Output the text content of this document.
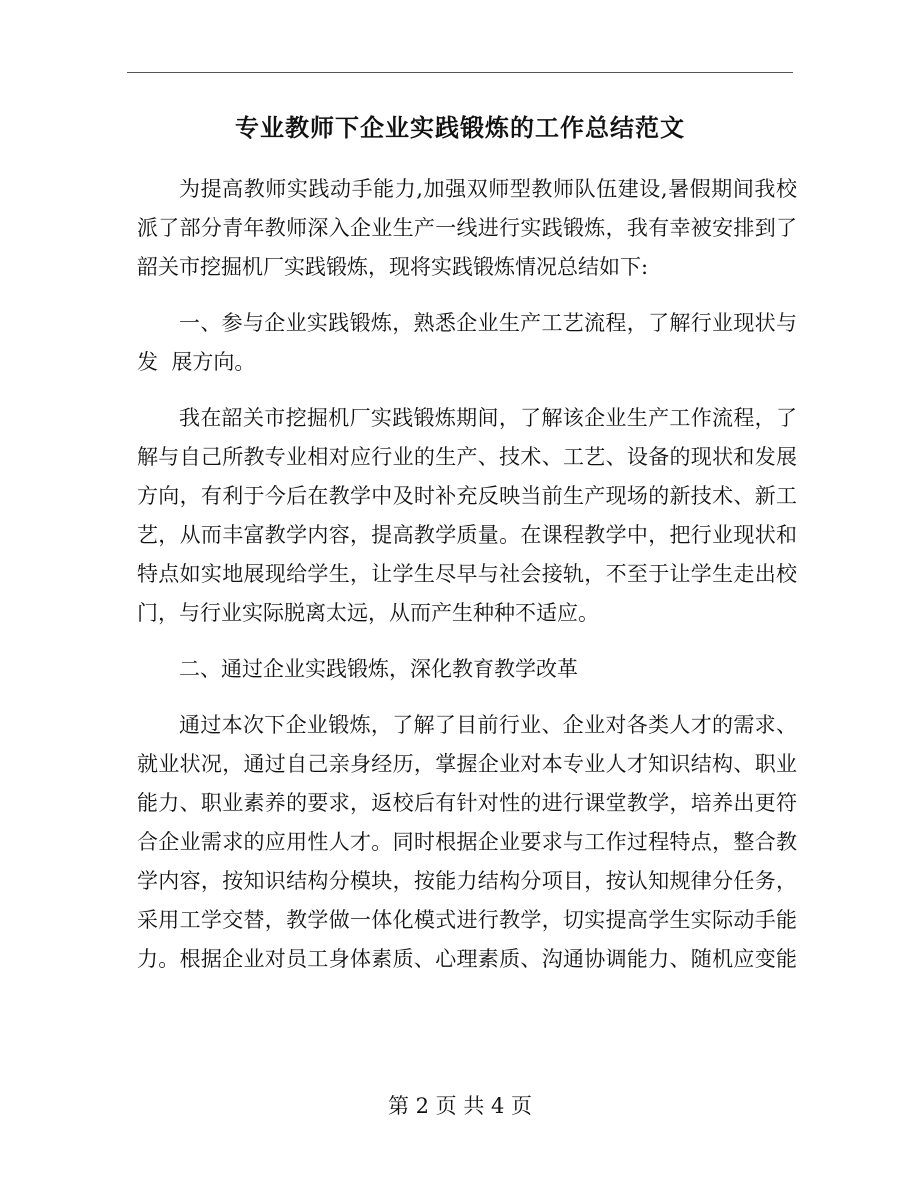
专业教师下企业实践锻炼的工作总结范文
为提高教师实践动手能力,加强双师型教师队伍建设,暑假期间我校
派了部分青年教师深入企业生产一线进行实践锻炼，我有幸被安排到了
韶关市挖掘机厂实践锻炼，现将实践锻炼情况总结如下:
一、参与企业实践锻炼，熟悉企业生产工艺流程，了解行业现状与
发  展方向。
我在韶关市挖掘机厂实践锻炼期间，了解该企业生产工作流程，了
解与自己所教专业相对应行业的生产、技术、工艺、设备的现状和发展
方向，有利于今后在教学中及时补充反映当前生产现场的新技术、新工
艺，从而丰富教学内容，提高教学质量。在课程教学中，把行业现状和
特点如实地展现给学生，让学生尽早与社会接轨，不至于让学生走出校
门，与行业实际脱离太远，从而产生种种不适应。
二、通过企业实践锻炼，深化教育教学改革
通过本次下企业锻炼，了解了目前行业、企业对各类人才的需求、
就业状况，通过自己亲身经历，掌握企业对本专业人才知识结构、职业
能力、职业素养的要求，返校后有针对性的进行课堂教学，培养出更符
合企业需求的应用性人才。同时根据企业要求与工作过程特点，整合教
学内容，按知识结构分模块，按能力结构分项目，按认知规律分任务，
采用工学交替，教学做一体化模式进行教学，切实提高学生实际动手能
力。根据企业对员工身体素质、心理素质、沟通协调能力、随机应变能
第 2 页 共 4 页
